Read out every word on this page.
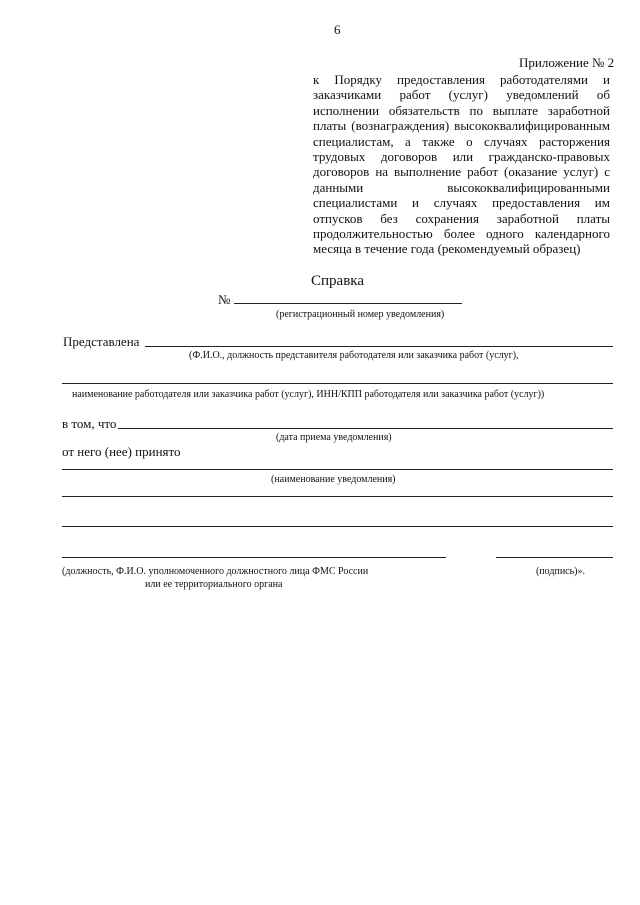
6
Приложение № 2
к Порядку предоставления работодателями и заказчиками работ (услуг) уведомлений об исполнении обязательств по выплате заработной платы (вознаграждения) высококвалифицированным специалистам, а также о случаях расторжения трудовых договоров или гражданско-правовых договоров на выполнение работ (оказание услуг) с данными высококвалифицированными специалистами и случаях предоставления им отпусков без сохранения заработной платы продолжительностью более одного календарного месяца в течение года (рекомендуемый образец)
Справка
№
(регистрационный номер уведомления)
Представлена
(Ф.И.О., должность представителя работодателя или заказчика работ (услуг),
наименование работодателя или заказчика работ (услуг), ИНН/КПП работодателя или заказчика работ (услуг))
в том, что
(дата приема уведомления)
от него (нее) принято
(наименование уведомления)
(должность, Ф.И.О. уполномоченного должностного лица ФМС России
или ее территориального органа
(подпись)».
